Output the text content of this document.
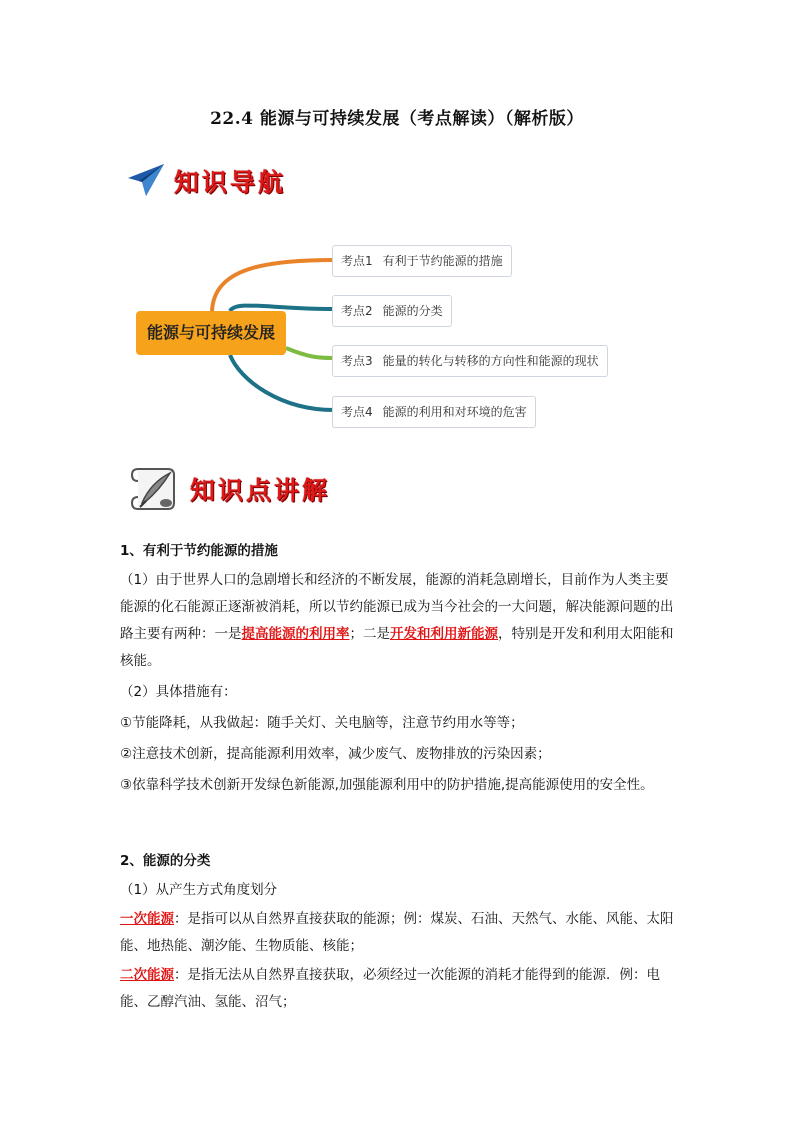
22.4 能源与可持续发展（考点解读）（解析版）
知识导航
能源与可持续发展
考点1 有利于节约能源的措施
考点2 能源的分类
考点3 能量的转化与转移的方向性和能源的现状
考点4 能源的利用和对环境的危害
知识点讲解

1、有利于节约能源的措施

（1）由于世界人口的急剧增长和经济的不断发展，能源的消耗急剧增长，目前作为人类主要能源的化石能源正逐渐被消耗，所以节约能源已成为当今社会的一大问题，解决能源问题的出路主要有两种：一是提高能源的利用率；二是开发和利用新能源，特别是开发和利用太阳能和核能。

（2）具体措施有：

①节能降耗，从我做起：随手关灯、关电脑等，注意节约用水等等；

②注意技术创新，提高能源利用效率，减少废气、废物排放的污染因素；

③依靠科学技术创新开发绿色新能源,加强能源利用中的防护措施,提高能源使用的安全性。

2、能源的分类

（1）从产生方式角度划分

一次能源：是指可以从自然界直接获取的能源；例：煤炭、石油、天然气、水能、风能、太阳能、地热能、潮汐能、生物质能、核能；

二次能源：是指无法从自然界直接获取，必须经过一次能源的消耗才能得到的能源．例：电能、乙醇汽油、氢能、沼气；
